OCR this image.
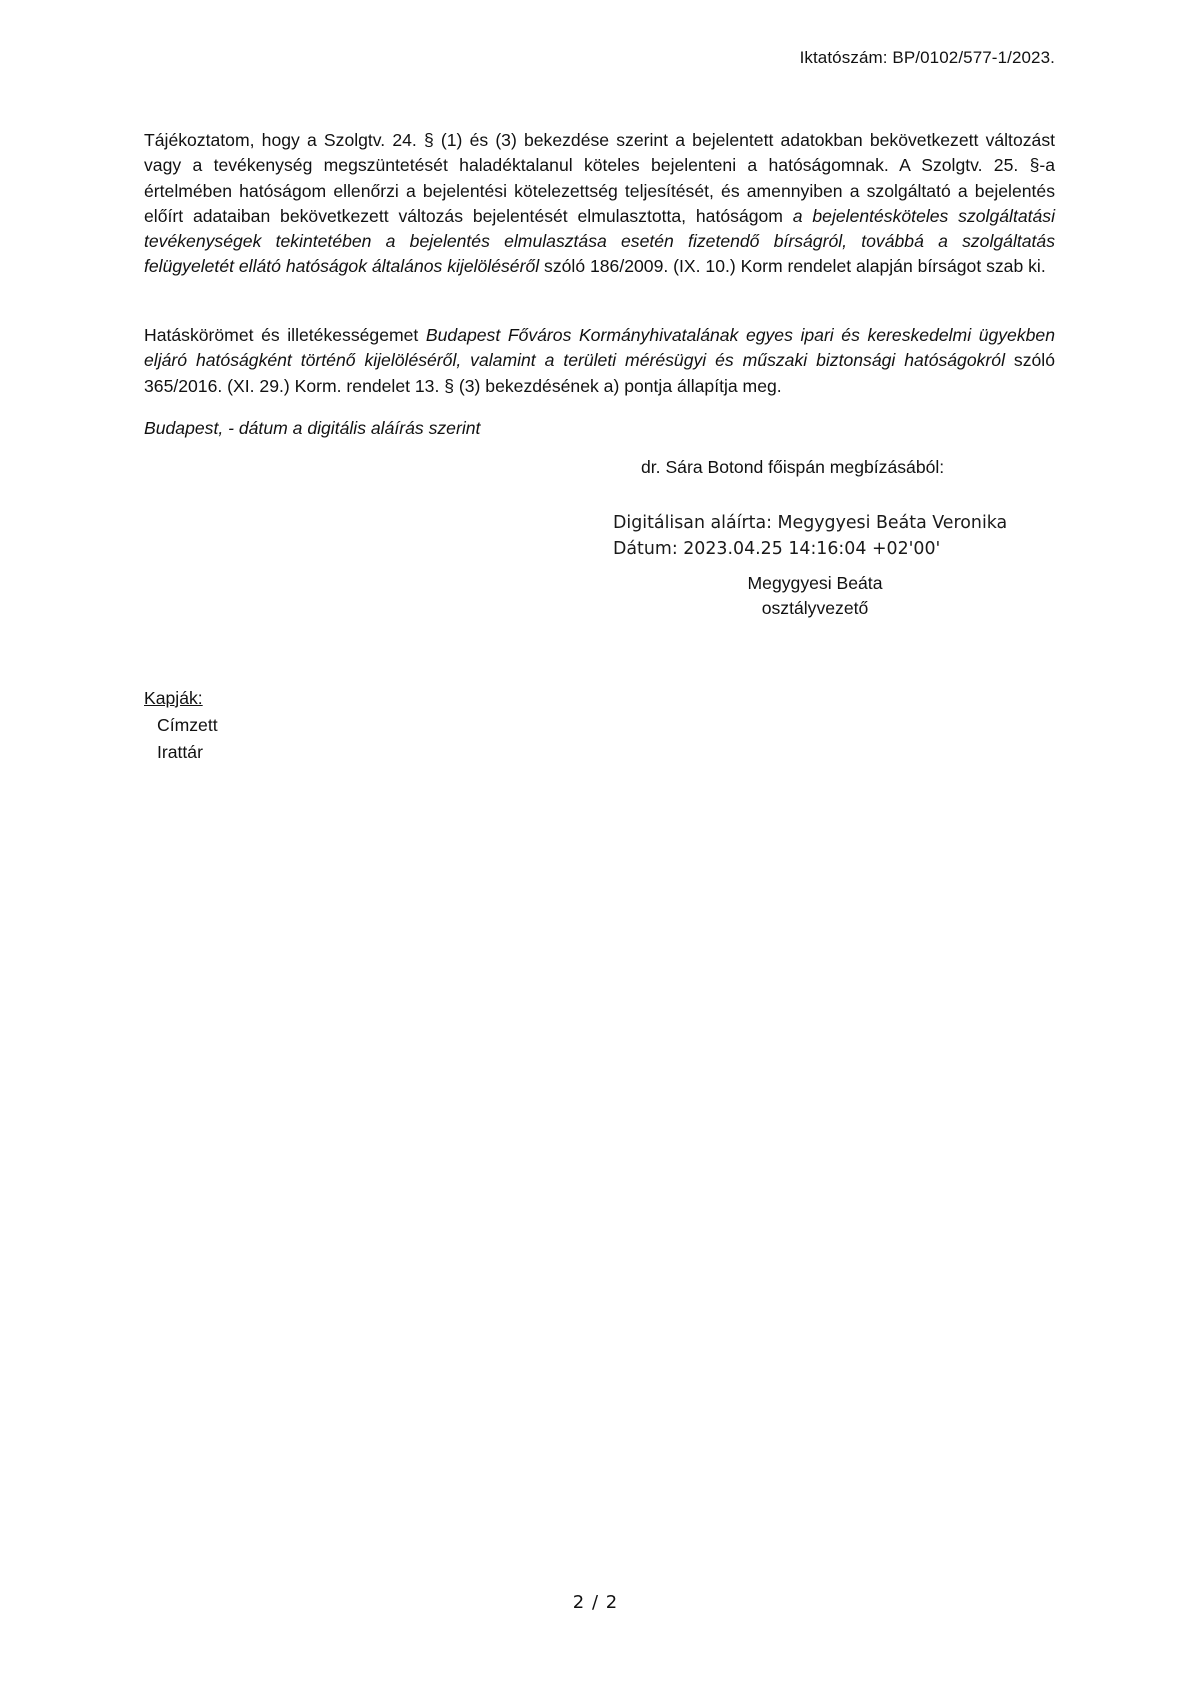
Iktatószám: BP/0102/577-1/2023.
Tájékoztatom, hogy a Szolgtv. 24. § (1) és (3) bekezdése szerint a bejelentett adatokban bekövetkezett változást vagy a tevékenység megszüntetését haladéktalanul köteles bejelenteni a hatóságomnak. A Szolgtv. 25. §-a értelmében hatóságom ellenőrzi a bejelentési kötelezettség teljesítését, és amennyiben a szolgáltató a bejelentés előírt adataiban bekövetkezett változás bejelentését elmulasztotta, hatóságom a bejelentésköteles szolgáltatási tevékenységek tekintetében a bejelentés elmulasztása esetén fizetendő bírságról, továbbá a szolgáltatás felügyeletét ellátó hatóságok általános kijelöléséről szóló 186/2009. (IX. 10.) Korm rendelet alapján bírságot szab ki.
Hatáskörömet és illetékességemet Budapest Főváros Kormányhivatalának egyes ipari és kereskedelmi ügyekben eljáró hatóságként történő kijelöléséről, valamint a területi mérésügyi és műszaki biztonsági hatóságokról szóló 365/2016. (XI. 29.) Korm. rendelet 13. § (3) bekezdésének a) pontja állapítja meg.
Budapest, - dátum a digitális aláírás szerint
dr. Sára Botond főispán megbízásából:
Digitálisan aláírta: Megygyesi Beáta Veronika
Dátum: 2023.04.25 14:16:04 +02'00'
Megygyesi Beáta
osztályvezető
Kapják:
Címzett
Irattár
2 / 2
